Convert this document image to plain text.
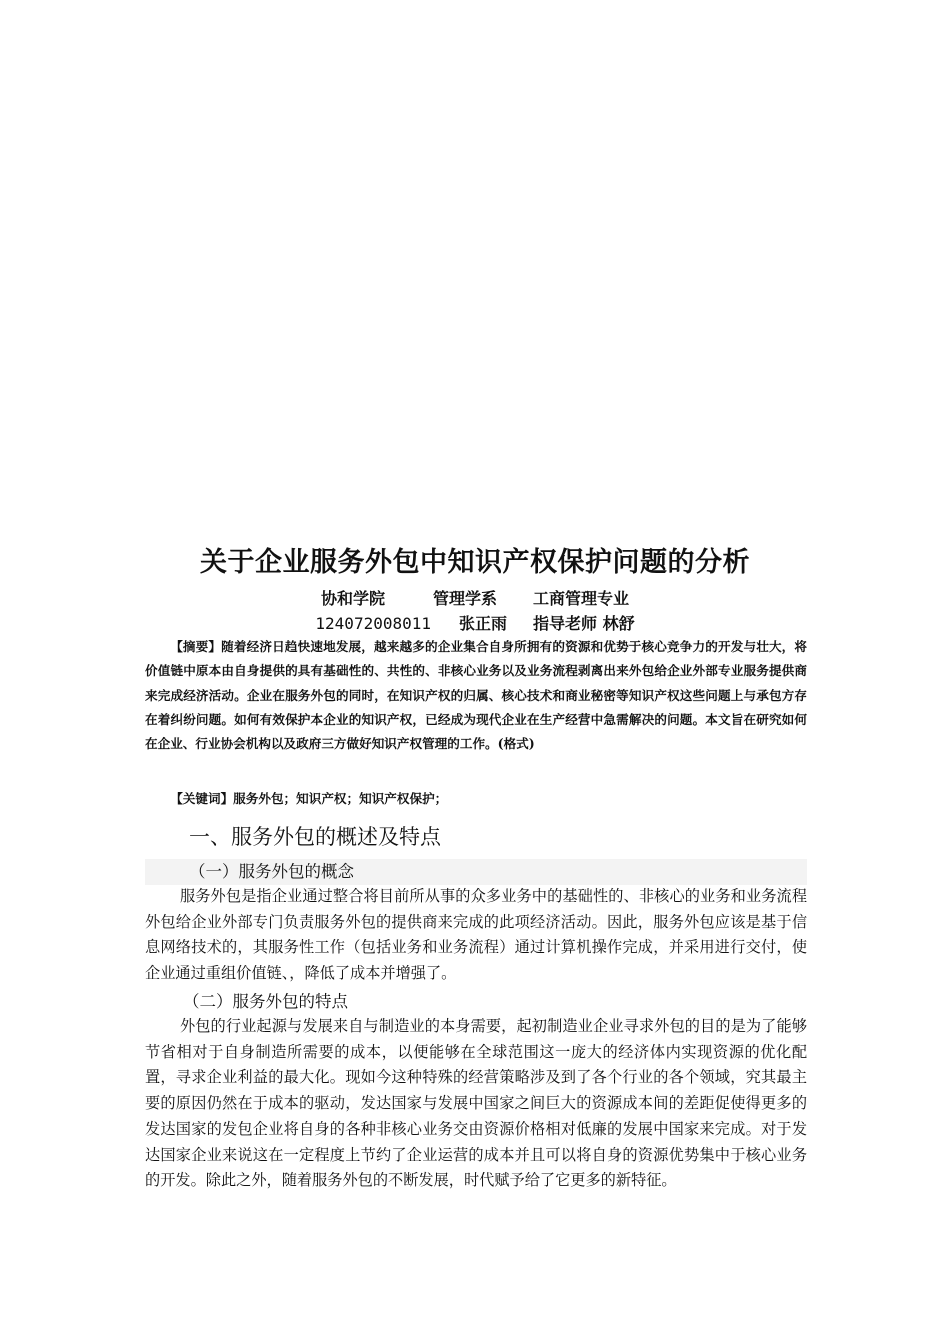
关于企业服务外包中知识产权保护问题的分析
协和学院	管理学系 工商管理专业
124072008011 张正雨 指导老师 林舒
【摘要】随着经济日趋快速地发展，越来越多的企业集合自身所拥有的资源和优势于核心竞争力的开发与壮大，将价值链中原本由自身提供的具有基础性的、共性的、非核心业务以及业务流程剥离出来外包给企业外部专业服务提供商来完成经济活动。企业在服务外包的同时，在知识产权的归属、核心技术和商业秘密等知识产权这些问题上与承包方存在着纠纷问题。如何有效保护本企业的知识产权，已经成为现代企业在生产经营中急需解决的问题。本文旨在研究如何在企业、行业协会机构以及政府三方做好知识产权管理的工作。(格式)
【关键词】服务外包；知识产权；知识产权保护；
一、服务外包的概述及特点
（一）服务外包的概念
服务外包是指企业通过整合将目前所从事的众多业务中的基础性的、非核心的业务和业务流程外包给企业外部专门负责服务外包的提供商来完成的此项经济活动。因此，服务外包应该是基于信息网络技术的，其服务性工作（包括业务和业务流程）通过计算机操作完成，并采用进行交付，使企业通过重组价值链、，降低了成本并增强了。
（二）服务外包的特点
外包的行业起源与发展来自与制造业的本身需要，起初制造业企业寻求外包的目的是为了能够节省相对于自身制造所需要的成本，以便能够在全球范围这一庞大的经济体内实现资源的优化配置，寻求企业利益的最大化。现如今这种特殊的经营策略涉及到了各个行业的各个领域，究其最主要的原因仍然在于成本的驱动，发达国家与发展中国家之间巨大的资源成本间的差距促使得更多的发达国家的发包企业将自身的各种非核心业务交由资源价格相对低廉的发展中国家来完成。对于发达国家企业来说这在一定程度上节约了企业运营的成本并且可以将自身的资源优势集中于核心业务的开发。除此之外，随着服务外包的不断发展，时代赋予给了它更多的新特征。
